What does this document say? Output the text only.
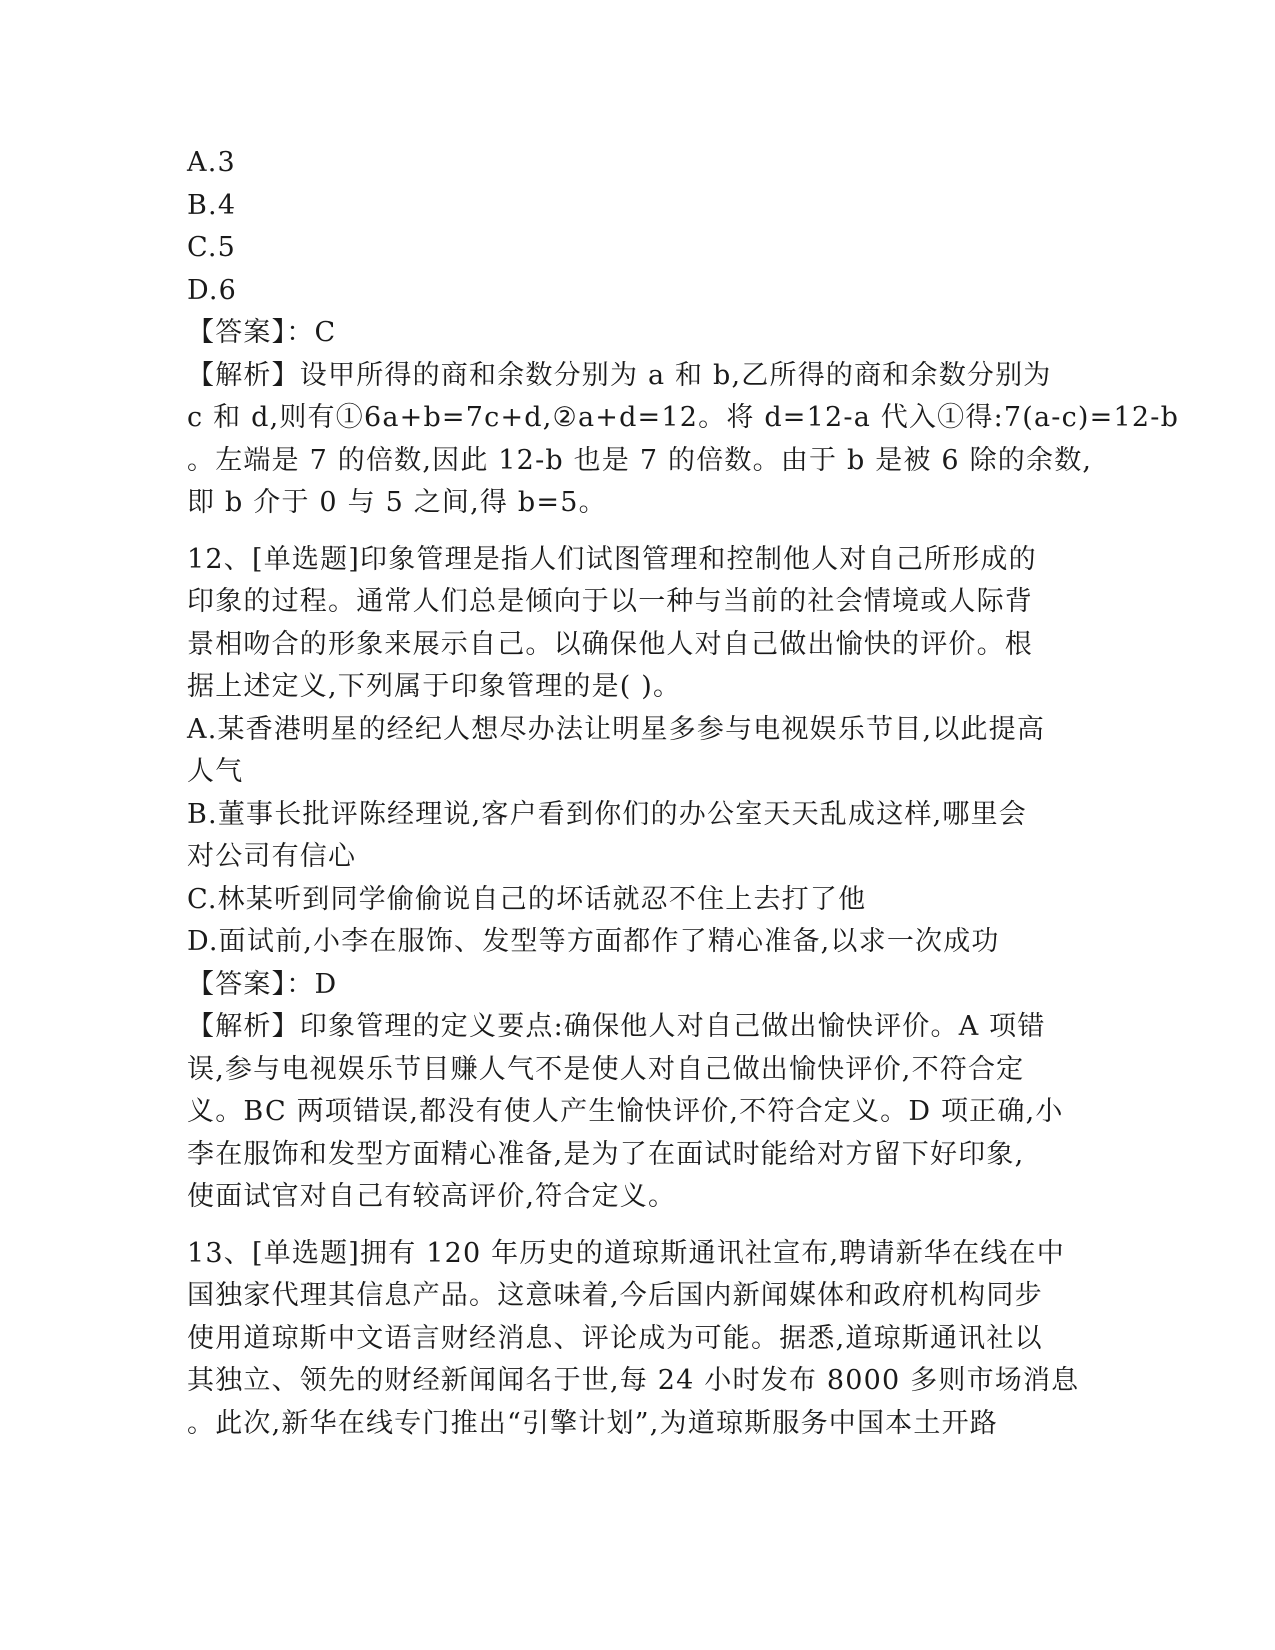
A.3
B.4
C.5
D.6
【答案】：C
【解析】设甲所得的商和余数分别为 a 和 b,乙所得的商和余数分别为
c 和 d,则有①6a+b=7c+d,②a+d=12。将 d=12-a 代入①得:7(a-c)=12-b
。左端是 7 的倍数,因此 12-b 也是 7 的倍数。由于 b 是被 6 除的余数,
即 b 介于 0 与 5 之间,得 b=5。
12、[单选题]印象管理是指人们试图管理和控制他人对自己所形成的
印象的过程。通常人们总是倾向于以一种与当前的社会情境或人际背
景相吻合的形象来展示自己。以确保他人对自己做出愉快的评价。根
据上述定义,下列属于印象管理的是( )。
A.某香港明星的经纪人想尽办法让明星多参与电视娱乐节目,以此提高
人气
B.董事长批评陈经理说,客户看到你们的办公室天天乱成这样,哪里会
对公司有信心
C.林某听到同学偷偷说自己的坏话就忍不住上去打了他
D.面试前,小李在服饰、发型等方面都作了精心准备,以求一次成功
【答案】：D
【解析】印象管理的定义要点:确保他人对自己做出愉快评价。A 项错
误,参与电视娱乐节目赚人气不是使人对自己做出愉快评价,不符合定
义。BC 两项错误,都没有使人产生愉快评价,不符合定义。D 项正确,小
李在服饰和发型方面精心准备,是为了在面试时能给对方留下好印象,
使面试官对自己有较高评价,符合定义。
13、[单选题]拥有 120 年历史的道琼斯通讯社宣布,聘请新华在线在中
国独家代理其信息产品。这意味着,今后国内新闻媒体和政府机构同步
使用道琼斯中文语言财经消息、评论成为可能。据悉,道琼斯通讯社以
其独立、领先的财经新闻闻名于世,每 24 小时发布 8000 多则市场消息
。此次,新华在线专门推出“引擎计划”,为道琼斯服务中国本土开路
